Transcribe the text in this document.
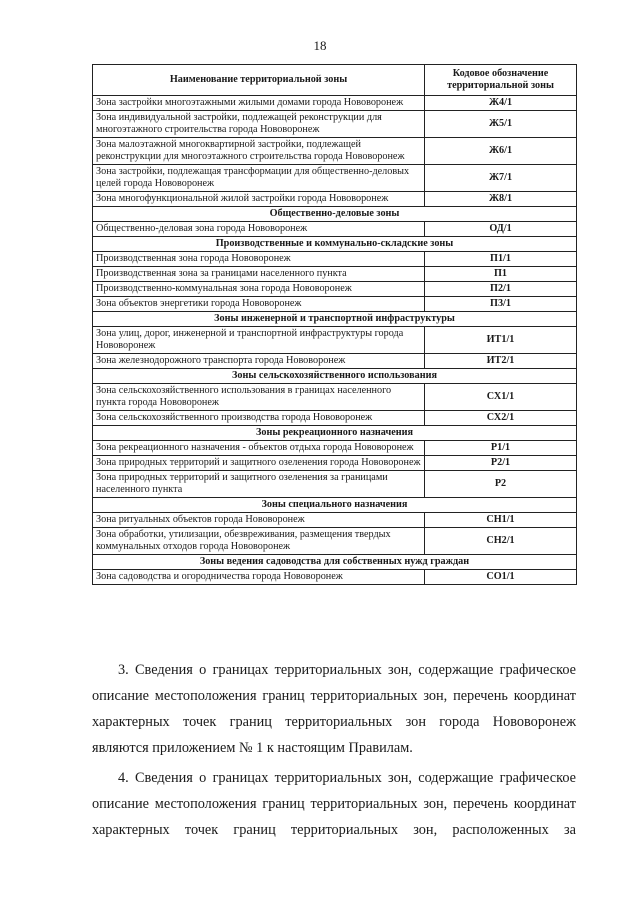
18
Наименование территориальной зоны	Кодовое обозначение территориальной зоны
Зона застройки многоэтажными жилыми домами города Нововоронеж	Ж4/1
Зона индивидуальной застройки, подлежащей реконструкции для многоэтажного строительства города Нововоронеж	Ж5/1
Зона малоэтажной многоквартирной застройки, подлежащей реконструкции для многоэтажного строительства города Нововоронеж	Ж6/1
Зона застройки, подлежащая трансформации для общественно-деловых целей города Нововоронеж	Ж7/1
Зона многофункциональной жилой застройки города Нововоронеж	Ж8/1
Общественно-деловые зоны	
Общественно-деловая зона города Нововоронеж	ОД/1
Производственные и коммунально-складские зоны	
Производственная зона города Нововоронеж	П1/1
Производственная зона за границами населенного пункта	П1
Производственно-коммунальная зона города Нововоронеж	П2/1
Зона объектов энергетики города Нововоронеж	П3/1
Зоны инженерной и транспортной инфраструктуры	
Зона улиц, дорог, инженерной и транспортной инфраструктуры города Нововоронеж	ИТ1/1
Зона железнодорожного транспорта города Нововоронеж	ИТ2/1
Зоны сельскохозяйственного использования	
Зона сельскохозяйственного использования в границах населенного пункта города Нововоронеж	СХ1/1
Зона сельскохозяйственного производства города Нововоронеж	СХ2/1
Зоны рекреационного назначения	
Зона рекреационного назначения - объектов отдыха города Нововоронеж	Р1/1
Зона природных территорий и защитного озеленения города Нововоронеж	Р2/1
Зона природных территорий и защитного озеленения за границами населенного пункта	Р2
Зоны специального назначения	
Зона ритуальных объектов города Нововоронеж	СН1/1
Зона обработки, утилизации, обезвреживания, размещения твердых коммунальных отходов города Нововоронеж	СН2/1
Зоны ведения садоводства для собственных нужд граждан	
Зона садоводства и огородничества города Нововоронеж	СО1/1

3. Сведения о границах территориальных зон, содержащие графическое описание местоположения границ территориальных зон, перечень координат характерных точек границ территориальных зон города Нововоронеж являются приложением № 1 к настоящим Правилам.

4. Сведения о границах территориальных зон, содержащие графическое описание местоположения границ территориальных зон, перечень координат характерных точек границ территориальных зон, расположенных за
